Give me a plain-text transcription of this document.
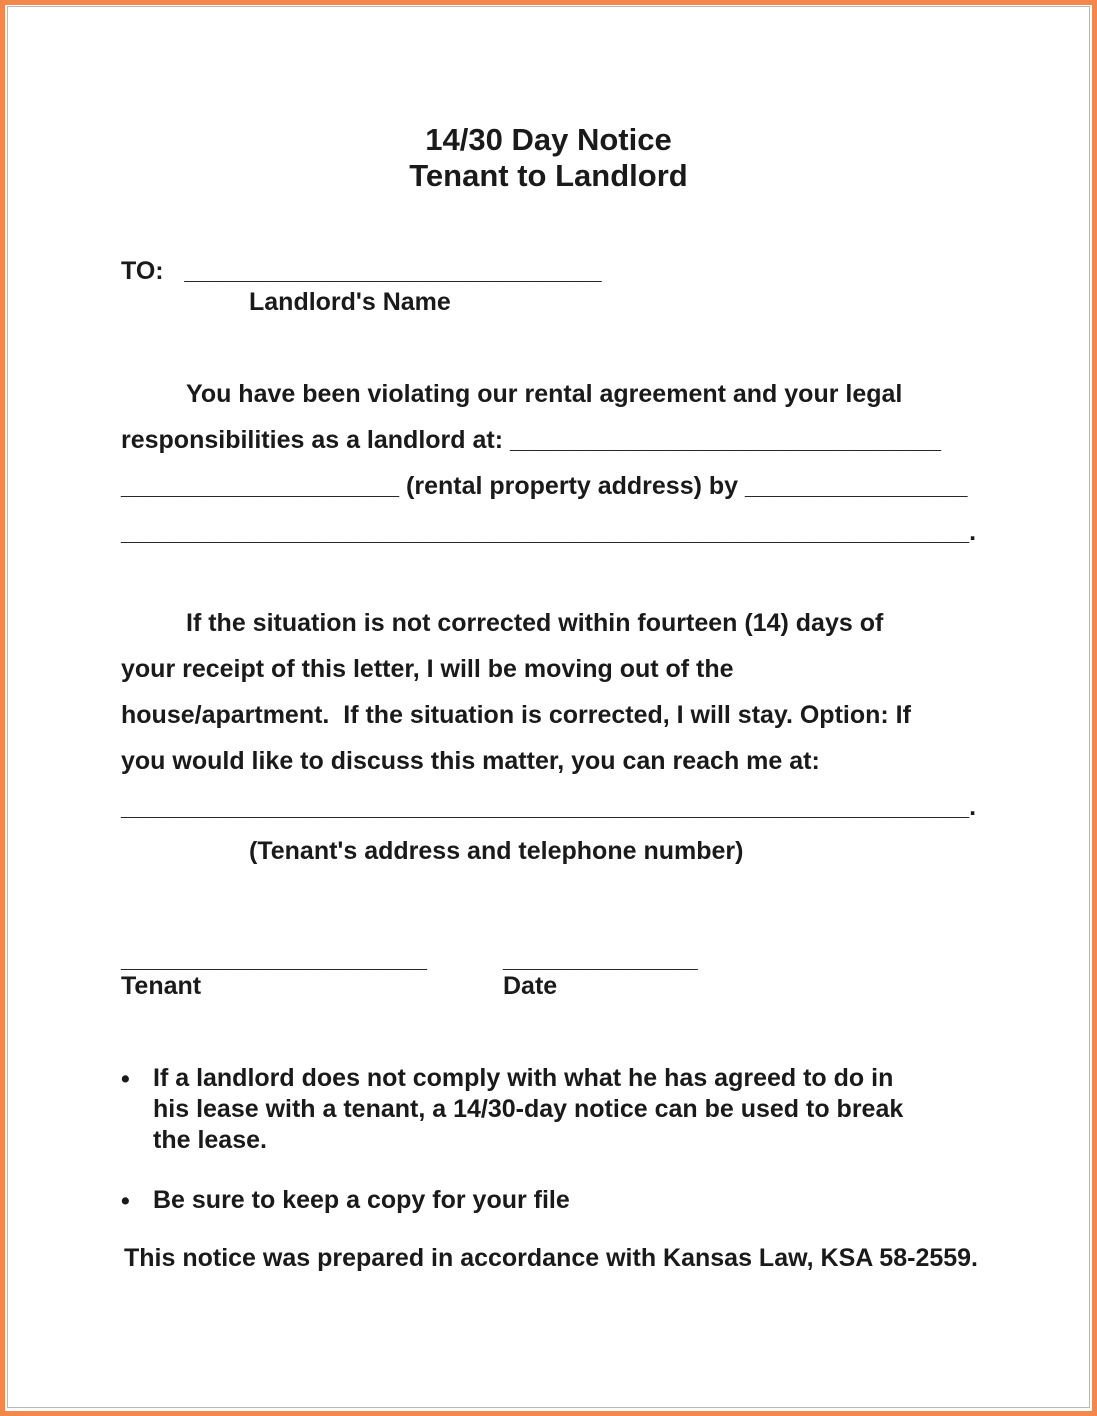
14/30 Day Notice
Tenant to Landlord
TO:   ______________________________
Landlord's Name
You have been violating our rental agreement and your legal
responsibilities as a landlord at: _______________________________
____________________ (rental property address) by ________________
_____________________________________________________________.
If the situation is not corrected within fourteen (14) days of
your receipt of this letter, I will be moving out of the
house/apartment.  If the situation is corrected, I will stay. Option: If
you would like to discuss this matter, you can reach me at:
_____________________________________________________________.
(Tenant's address and telephone number)
______________________
Tenant
______________
Date
• If a landlord does not comply with what he has agreed to do in
his lease with a tenant, a 14/30-day notice can be used to break
the lease.
• Be sure to keep a copy for your file
This notice was prepared in accordance with Kansas Law, KSA 58-2559.
